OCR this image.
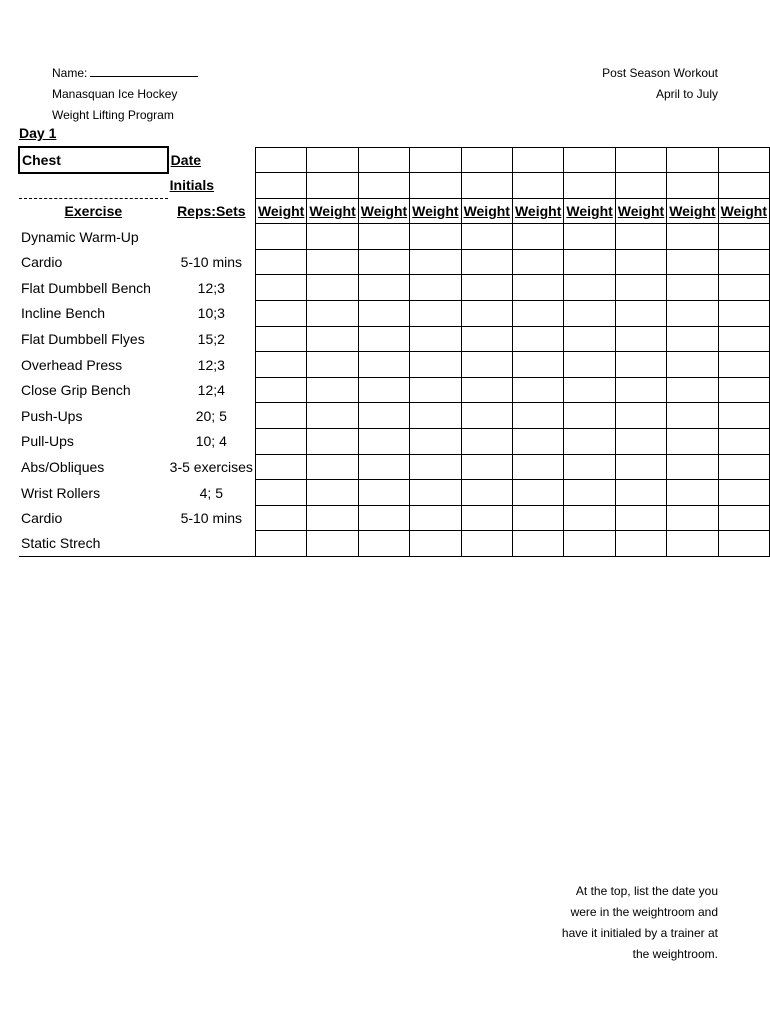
Name:
Manasquan Ice Hockey
Weight Lifting Program
Post Season Workout
April to July
Day 1
Chest	Date										
	Initials										
Exercise	Reps:Sets	Weight	Weight	Weight	Weight	Weight	Weight	Weight	Weight	Weight	Weight
Dynamic Warm-Up											
Cardio	5-10 mins										
Flat Dumbbell Bench	12;3										
Incline Bench	10;3										
Flat Dumbbell Flyes	15;2										
Overhead Press	12;3										
Close Grip Bench	12;4										
Push-Ups	20; 5										
Pull-Ups	10; 4										
Abs/Obliques	3-5 exercises										
Wrist Rollers	4; 5										
Cardio	5-10 mins										
Static Strech											
At the top, list the date you
were in the weightroom and
have it initialed by a trainer at
the weightroom.
